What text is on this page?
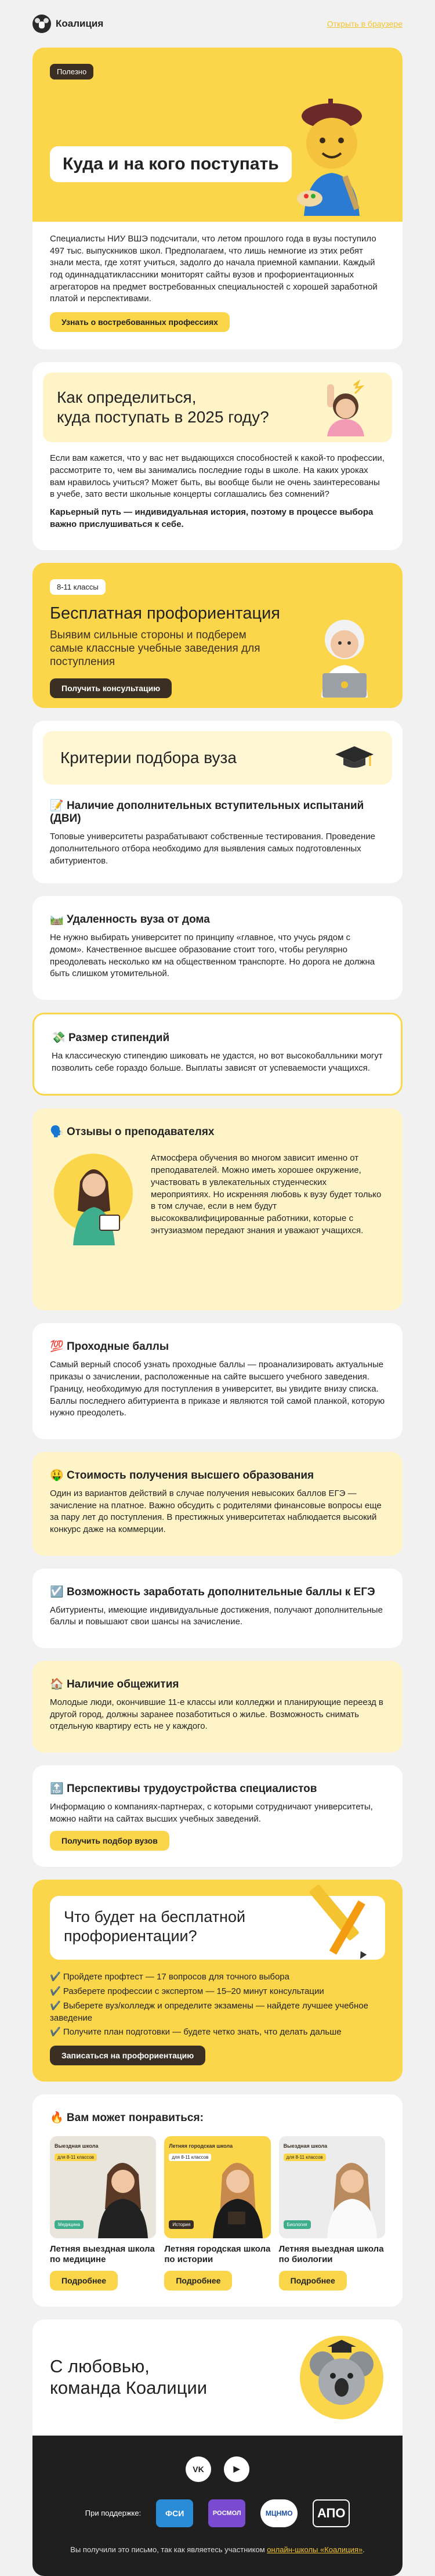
Коалиция	Открыть в браузере
Полезно
Куда и на кого поступать

Специалисты НИУ ВШЭ подсчитали, что летом прошлого года в вузы поступило 497 тыс. выпускников школ. Предполагаем, что лишь немногие из этих ребят знали места, где хотят учиться, задолго до начала приемной кампании. Каждый год одиннадцатиклассники мониторят сайты вузов и профориентационных агрегаторов на предмет востребованных специальностей с хорошей заработной платой и перспективами.

Узнать о востребованных профессиях
Как определиться,
куда поступать в 2025 году?

Если вам кажется, что у вас нет выдающихся способностей к какой-то профессии, рассмотрите то, чем вы занимались последние годы в школе. На каких уроках вам нравилось учиться? Может быть, вы вообще были не очень заинтересованы в учебе, зато вести школьные концерты соглашались без сомнений?

Карьерный путь — индивидуальная история, поэтому в процессе выбора важно прислушиваться к себе.

8-11 классы
Бесплатная профориентация
Выявим сильные стороны и подберем самые классные учебные заведения для поступления
Получить консультацию
Критерии подбора вуза
📝 Наличие дополнительных вступительных испытаний (ДВИ)

Топовые университеты разрабатывают собственные тестирования. Проведение дополнительного отбора необходимо для выявления самых подготовленных абитуриентов.

🛤️ Удаленность вуза от дома

Не нужно выбирать университет по принципу «главное, что учусь рядом с домом». Качественное высшее образование стоит того, чтобы регулярно преодолевать несколько км на общественном транспорте. Но дорога не должна быть слишком утомительной.

💸 Размер стипендий

На классическую стипендию шиковать не удастся, но вот высокобалльники могут позволить себе гораздо больше. Выплаты зависят от успеваемости учащихся.

🗣️ Отзывы о преподавателях

Атмосфера обучения во многом зависит именно от преподавателей. Можно иметь хорошее окружение, участвовать в увлекательных студенческих мероприятиях. Но искренняя любовь к вузу будет только в том случае, если в нем будут высококвалифицированные работники, которые с энтузиазмом передают знания и уважают учащихся.

💯 Проходные баллы

Самый верный способ узнать проходные баллы — проанализировать актуальные приказы о зачислении, расположенные на сайте высшего учебного заведения. Границу, необходимую для поступления в университет, вы увидите внизу списка. Баллы последнего абитуриента в приказе и являются той самой планкой, которую нужно преодолеть.

🤑 Стоимость получения высшего образования

Один из вариантов действий в случае получения невысоких баллов ЕГЭ — зачисление на платное. Важно обсудить с родителями финансовые вопросы еще за пару лет до поступления. В престижных университетах наблюдается высокий конкурс даже на коммерции.

☑️ Возможность заработать дополнительные баллы к ЕГЭ

Абитуриенты, имеющие индивидуальные достижения, получают дополнительные баллы и повышают свои шансы на зачисление.

🏠 Наличие общежития

Молодые люди, окончившие 11-е классы или колледжи и планирующие переезд в другой город, должны заранее позаботиться о жилье. Возможность снимать отдельную квартиру есть не у каждого.

🔝 Перспективы трудоустройства специалистов

Информацию о компаниях-партнерах, с которыми сотрудничают университеты, можно найти на сайтах высших учебных заведений.

Получить подбор вузов
Что будет на бесплатной
профориентации?
✔️ Пройдете профтест — 17 вопросов для точного выбора
✔️ Разберете профессии с экспертом — 15–20 минут консультации
✔️ Выберете вуз/колледж и определите экзамены — найдете лучшее учебное заведение
✔️ Получите план подготовки — будете четко знать, что делать дальше
Записаться на профориентацию
🔥 Вам может понравиться:
Выездная школа
для 8-11 классов
Медицина
Летняя выездная школа по медицине
Подробнее
Летняя городская школа
для 8-11 классов
История
Летняя городская школа по истории
Подробнее
Выездная школа
для 8-11 классов
Биология
Летняя выездная школа по биологии
Подробнее
С любовью,
команда Коалиции
VK	▶
При поддержке:	ФСИ	РОСМОЛ	МЦНМО	АПО
Вы получили это письмо, так как являетесь участником онлайн-школы «Коалиция».
